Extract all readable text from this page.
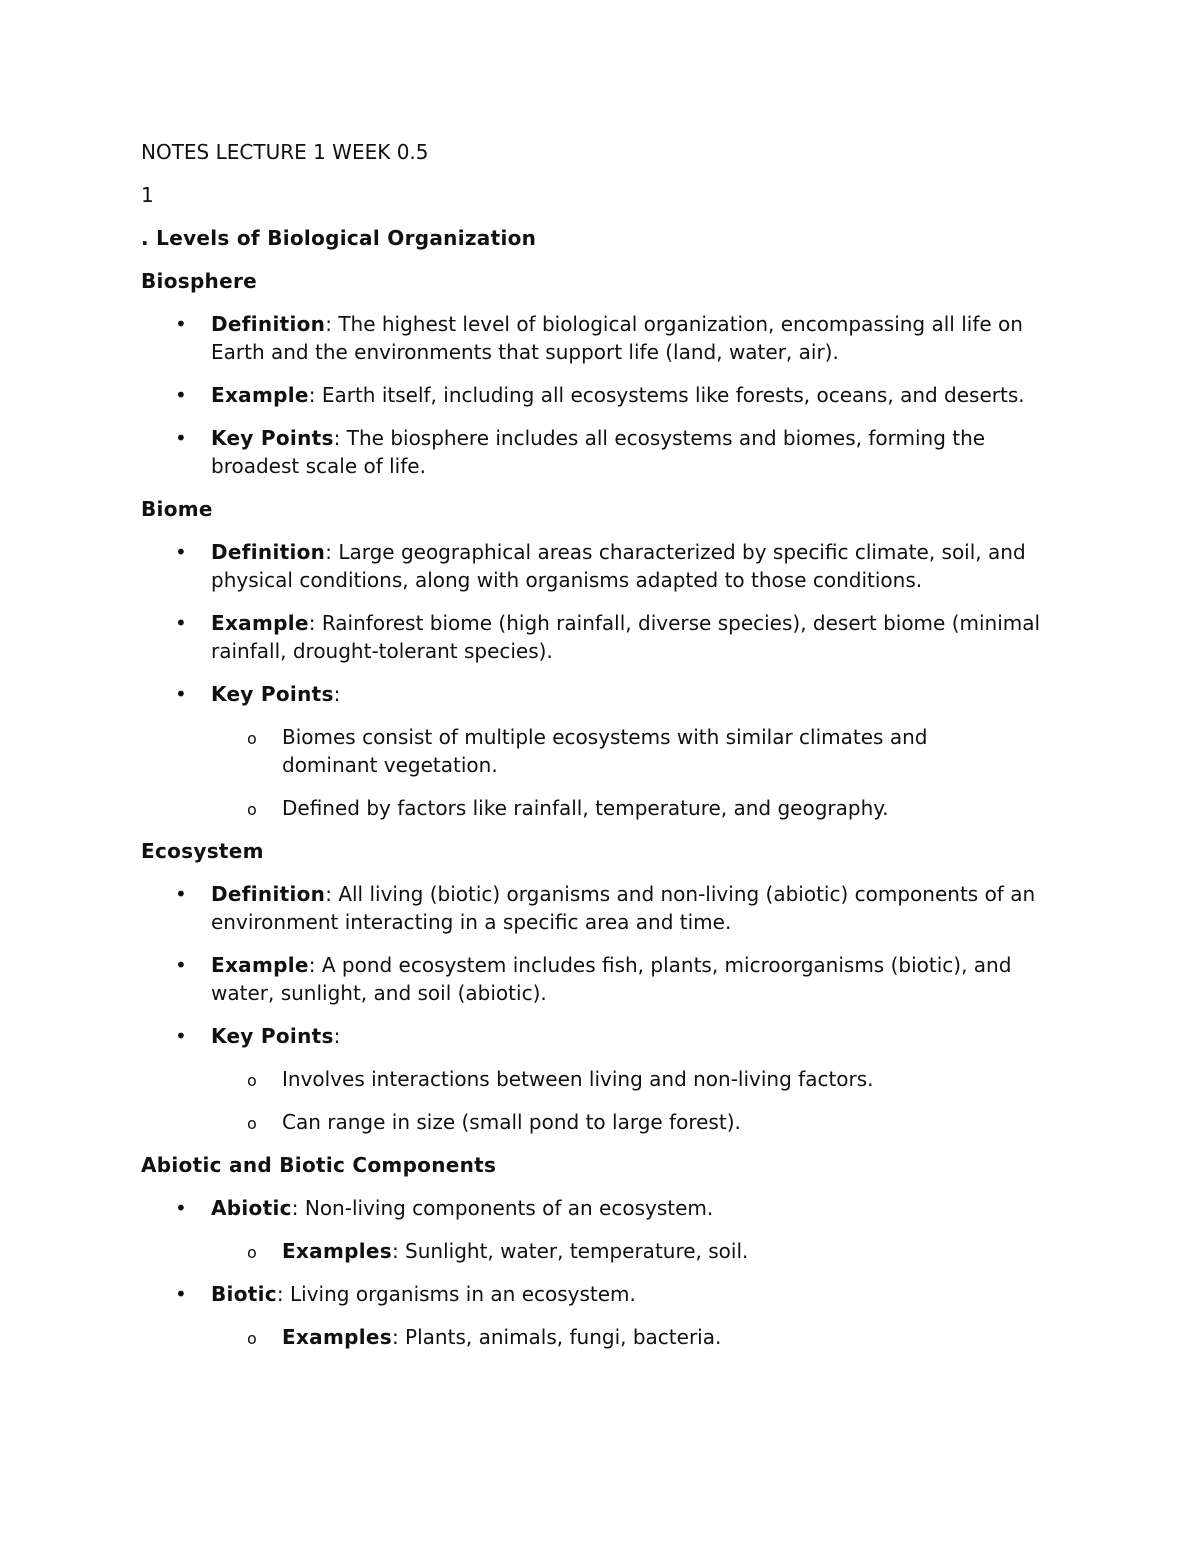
NOTES LECTURE 1 WEEK 0.5
1
. Levels of Biological Organization
Biosphere
• Definition: The highest level of biological organization, encompassing all life on Earth and the environments that support life (land, water, air).
• Example: Earth itself, including all ecosystems like forests, oceans, and deserts.
• Key Points: The biosphere includes all ecosystems and biomes, forming the broadest scale of life.
Biome
• Definition: Large geographical areas characterized by specific climate, soil, and physical conditions, along with organisms adapted to those conditions.
• Example: Rainforest biome (high rainfall, diverse species), desert biome (minimal rainfall, drought-tolerant species).
• Key Points:
o Biomes consist of multiple ecosystems with similar climates and dominant vegetation.
o Defined by factors like rainfall, temperature, and geography.
Ecosystem
• Definition: All living (biotic) organisms and non-living (abiotic) components of an environment interacting in a specific area and time.
• Example: A pond ecosystem includes fish, plants, microorganisms (biotic), and water, sunlight, and soil (abiotic).
• Key Points:
o Involves interactions between living and non-living factors.
o Can range in size (small pond to large forest).
Abiotic and Biotic Components
• Abiotic: Non-living components of an ecosystem.
o Examples: Sunlight, water, temperature, soil.
• Biotic: Living organisms in an ecosystem.
o Examples: Plants, animals, fungi, bacteria.
